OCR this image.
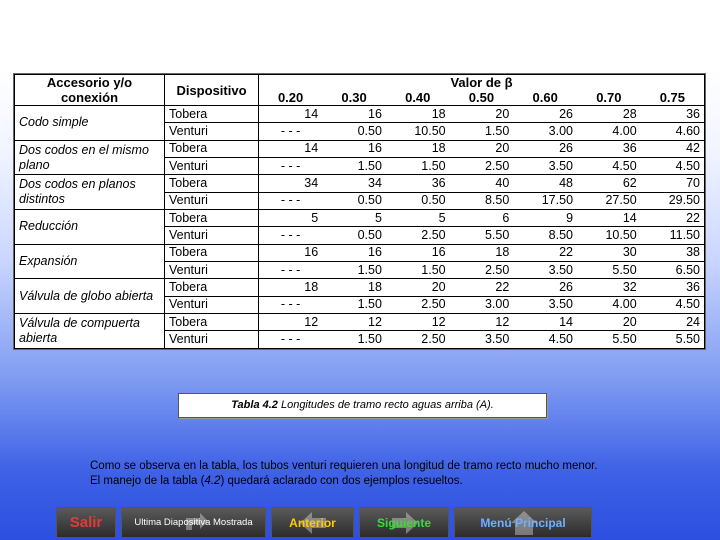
Accesorio y/o conexión	Dispositivo	Valor de β						
		0.20	0.30	0.40	0.50	0.60	0.70	0.75
Codo simple	Tobera	14	16	18	20	26	28	36
	Venturi	- - -	0.50	10.50	1.50	3.00	4.00	4.60
Dos codos en el mismo plano	Tobera	14	16	18	20	26	36	42
	Venturi	- - -	1.50	1.50	2.50	3.50	4.50	4.50
Dos codos en planos distintos	Tobera	34	34	36	40	48	62	70
	Venturi	- - -	0.50	0.50	8.50	17.50	27.50	29.50
Reducción	Tobera	5	5	5	6	9	14	22
	Venturi	- - -	0.50	2.50	5.50	8.50	10.50	11.50
Expansión	Tobera	16	16	16	18	22	30	38
	Venturi	- - -	1.50	1.50	2.50	3.50	5.50	6.50
Válvula de globo abierta	Tobera	18	18	20	22	26	32	36
	Venturi	- - -	1.50	2.50	3.00	3.50	4.00	4.50
Válvula de compuerta abierta	Tobera	12	12	12	12	14	20	24
	Venturi	- - -	1.50	2.50	3.50	4.50	5.50	5.50
Tabla 4.2 Longitudes de tramo recto aguas arriba (A).

Como se observa en la tabla, los tubos venturi requieren una longitud de tramo recto mucho menor.

El manejo de la tabla (4.2) quedará aclarado con dos ejemplos resueltos.

Salir	Ultima Diapositiva Mostrada	Anterior	Siguiente	Menú Principal
